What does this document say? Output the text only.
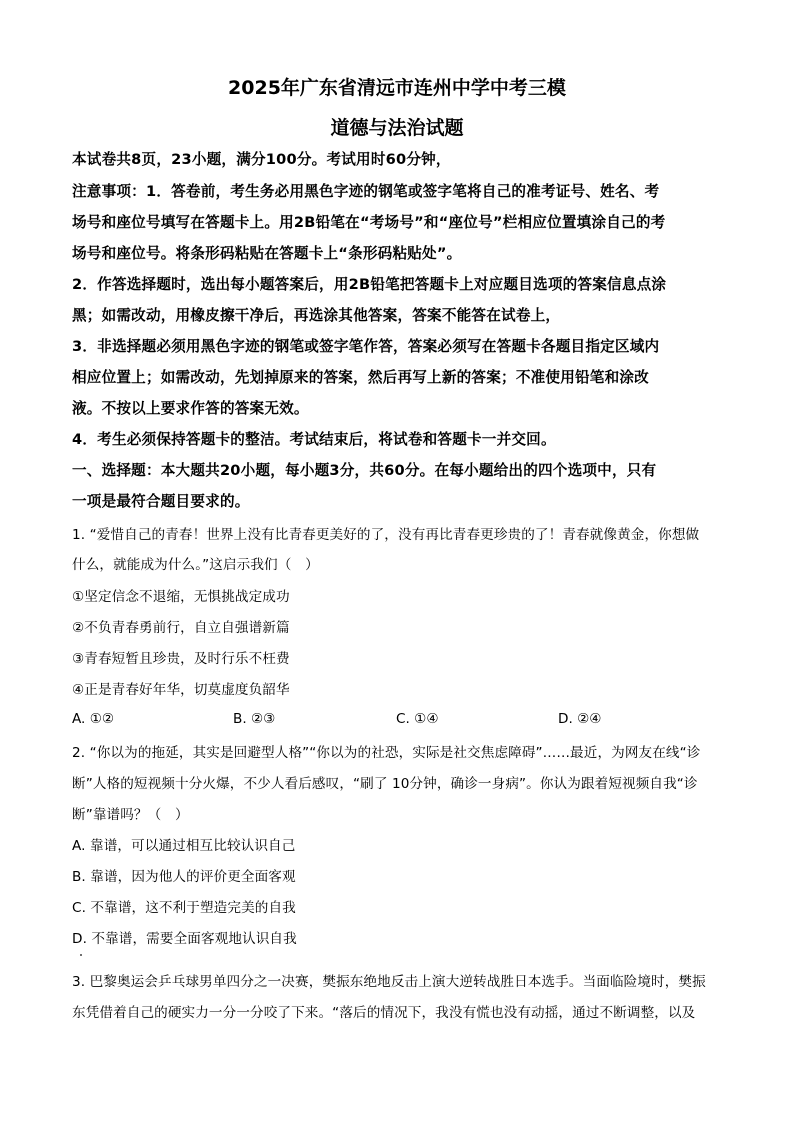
2025年广东省清远市连州中学中考三模
道德与法治试题
本试卷共8页，23小题，满分100分。考试用时60分钟，
注意事项：1．答卷前，考生务必用黑色字迹的钢笔或签字笔将自己的准考证号、姓名、考
场号和座位号填写在答题卡上。用2B铅笔在“考场号”和“座位号”栏相应位置填涂自己的考
场号和座位号。将条形码粘贴在答题卡上“条形码粘贴处”。
2．作答选择题时，选出每小题答案后，用2B铅笔把答题卡上对应题目选项的答案信息点涂
黑；如需改动，用橡皮擦干净后，再选涂其他答案，答案不能答在试卷上，
3．非选择题必须用黑色字迹的钢笔或签字笔作答，答案必须写在答题卡各题目指定区域内
相应位置上；如需改动，先划掉原来的答案，然后再写上新的答案；不准使用铅笔和涂改
液。不按以上要求作答的答案无效。
4．考生必须保持答题卡的整洁。考试结束后，将试卷和答题卡一并交回。
一、选择题：本大题共20小题，每小题3分，共60分。在每小题给出的四个选项中，只有
一项是最符合题目要求的。
1. “爱惜自己的青春！世界上没有比青春更美好的了，没有再比青春更珍贵的了！青春就像黄金，你想做
什么，就能成为什么。”这启示我们（　）
①坚定信念不退缩，无惧挑战定成功
②不负青春勇前行，自立自强谱新篇
③青春短暂且珍贵，及时行乐不枉费
④正是青春好年华，切莫虚度负韶华
A. ①②	B. ②③	C. ①④	D. ②④
2. “你以为的拖延，其实是回避型人格”“你以为的社恐，实际是社交焦虑障碍”……最近，为网友在线“诊
断”人格的短视频十分火爆，不少人看后感叹，“刷了 10分钟，确诊一身病”。你认为跟着短视频自我“诊
断”靠谱吗？（　）
A. 靠谱，可以通过相互比较认识自己
B. 靠谱，因为他人的评价更全面客观
C. 不靠谱，这不利于塑造完美的自我
D. 不靠谱，需要全面客观地认识自我
3. 巴黎奥运会乒乓球男单四分之一决赛，樊振东绝地反击上演大逆转战胜日本选手。当面临险境时，樊振
东凭借着自己的硬实力一分一分咬了下来。“落后的情况下，我没有慌也没有动摇，通过不断调整，以及
